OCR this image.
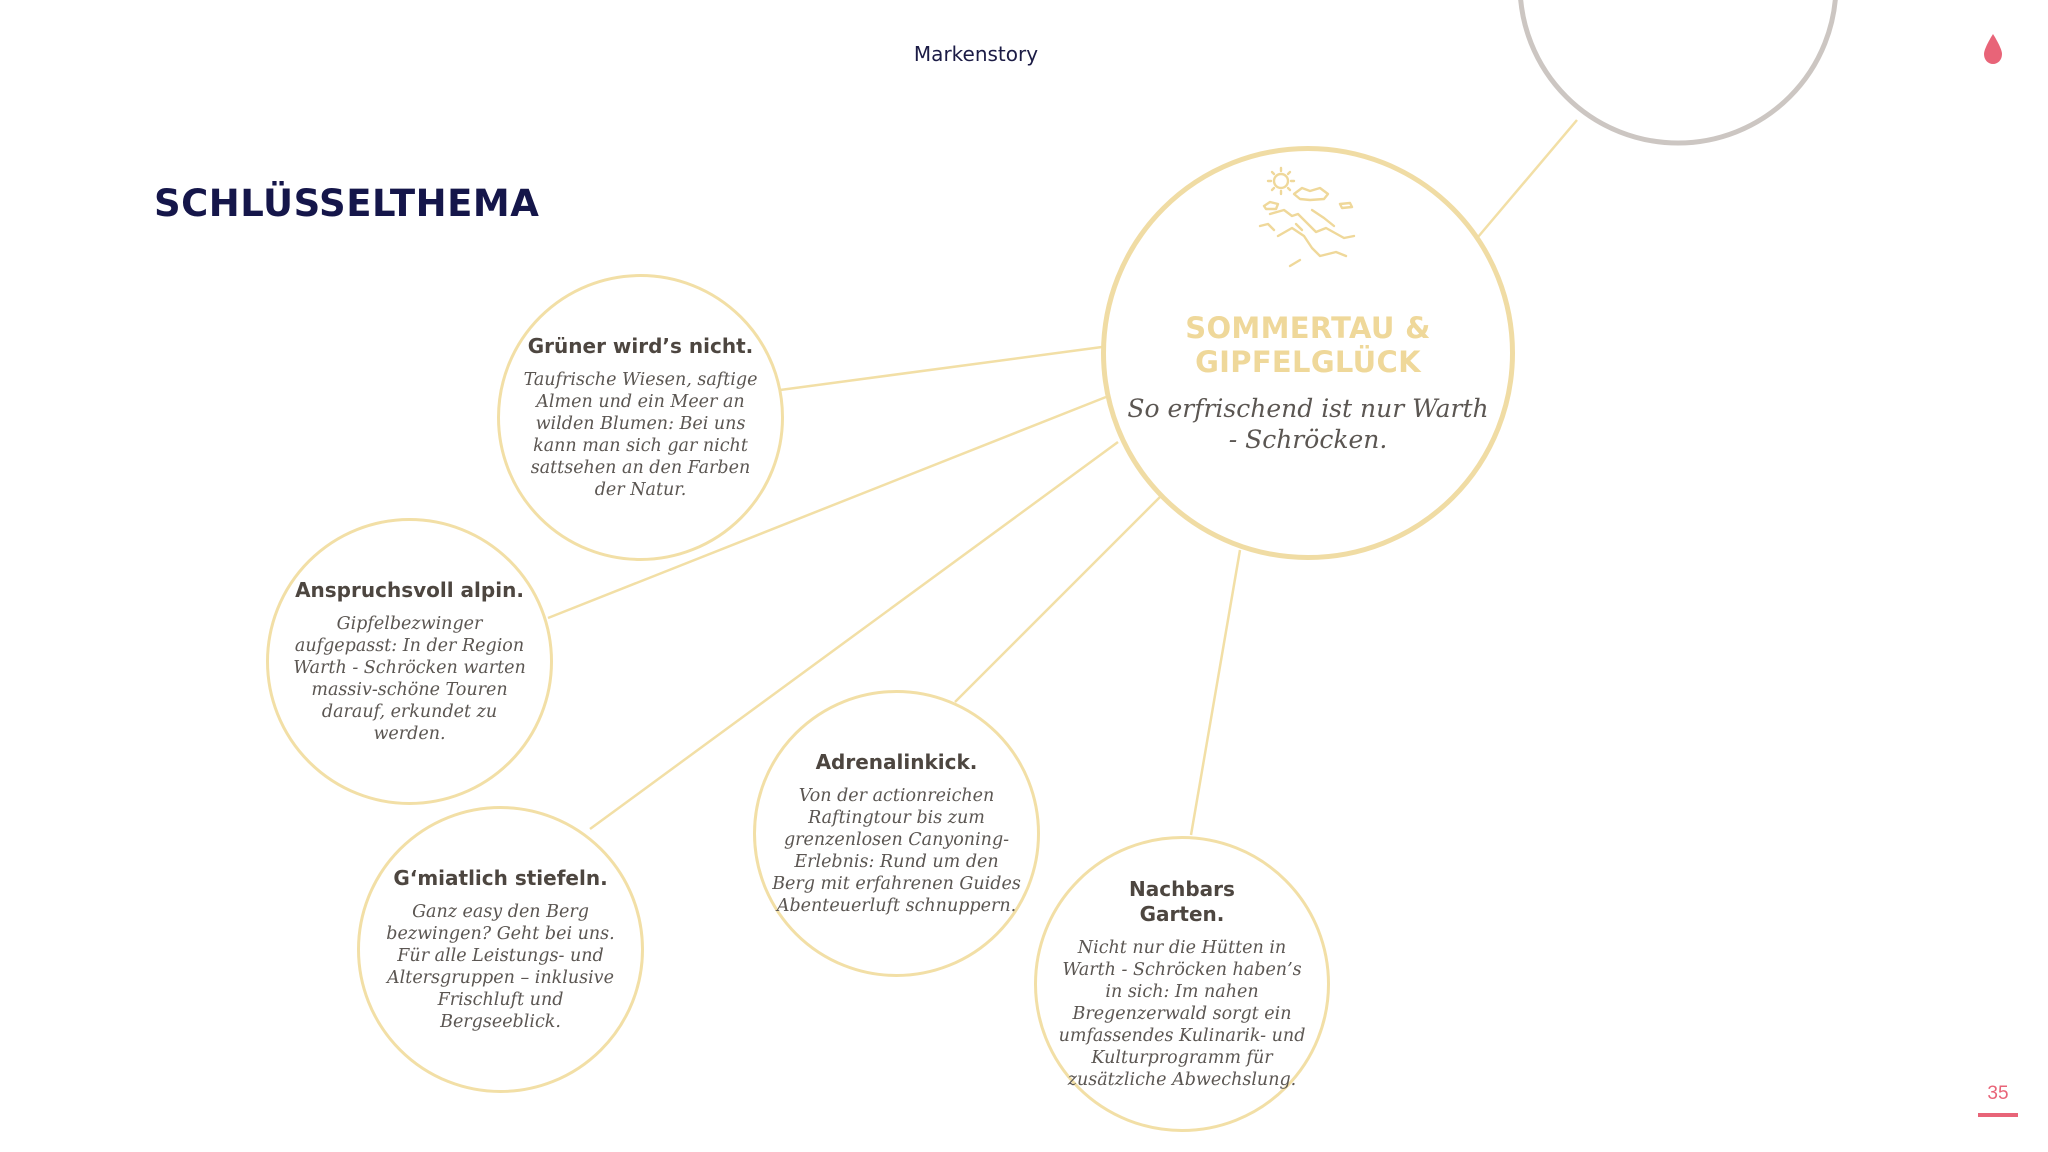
Markenstory
SCHLÜSSELTHEMA
SOMMERTAU &
GIPFELGLÜCK
So erfrischend ist nur Warth - Schröcken.
Grüner wird’s nicht.
Taufrische Wiesen, saftige Almen und ein Meer an wilden Blumen: Bei uns kann man sich gar nicht sattsehen an den Farben der Natur.
Anspruchsvoll alpin.
Gipfelbezwinger aufgepasst: In der Region Warth - Schröcken warten massiv-schöne Touren darauf, erkundet zu werden.
G‘miatlich stiefeln.
Ganz easy den Berg bezwingen? Geht bei uns. Für alle Leistungs- und Altersgruppen – inklusive Frischluft und Bergseeblick.
Adrenalinkick.
Von der actionreichen Raftingtour bis zum grenzenlosen Canyoning-Erlebnis: Rund um den Berg mit erfahrenen Guides Abenteuerluft schnuppern.
Nachbars Garten.
Nicht nur die Hütten in Warth - Schröcken haben’s in sich: Im nahen Bregenzerwald sorgt ein umfassendes Kulinarik- und Kulturprogramm für zusätzliche Abwechslung.
35
